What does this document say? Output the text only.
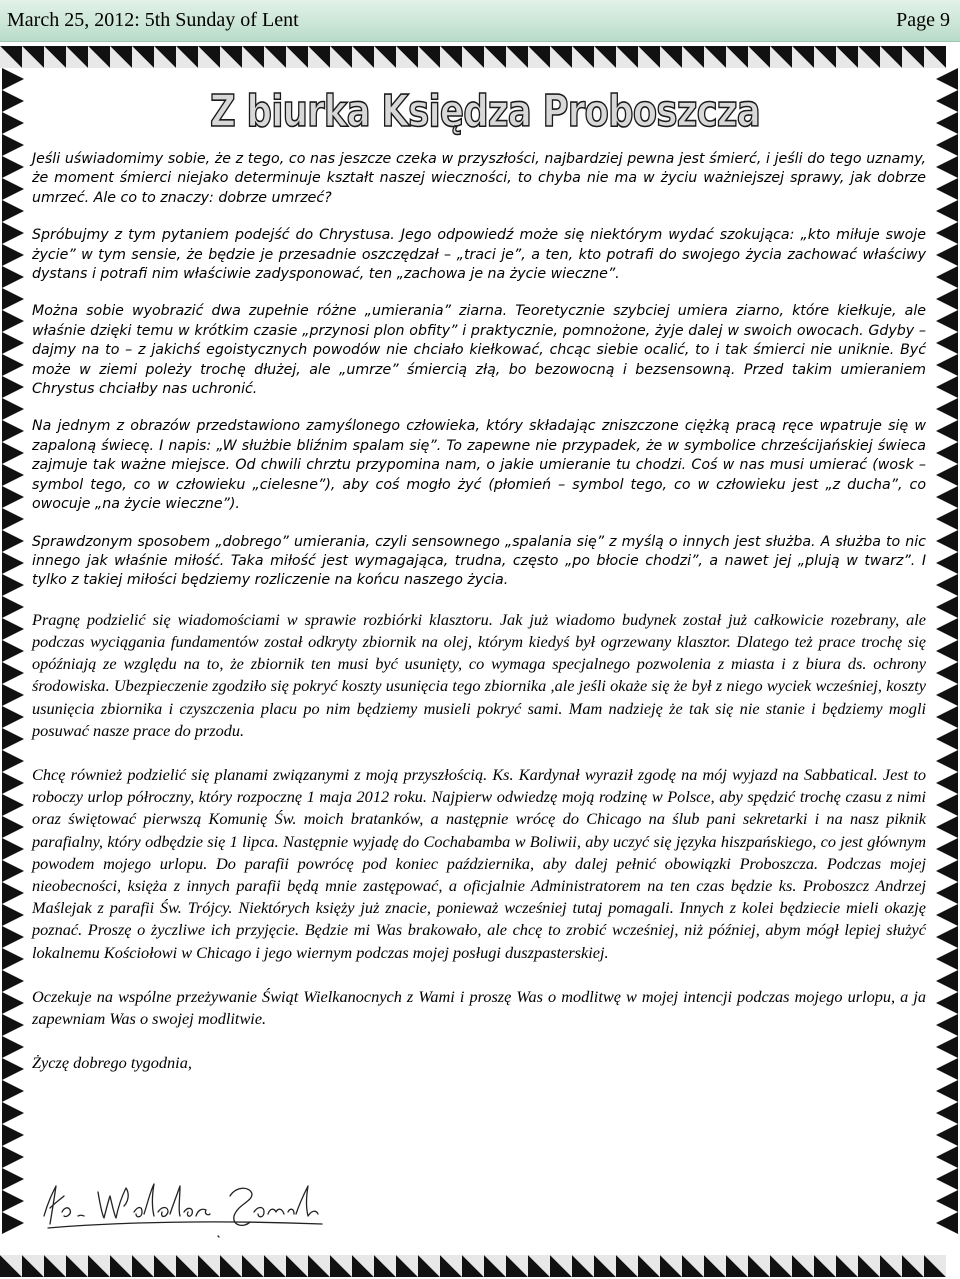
March 25, 2012: 5th Sunday of Lent	Page 9
Z biurka Księdza Proboszcza

Jeśli uświadomimy sobie, że z tego, co nas jeszcze czeka w przyszłości, najbardziej pewna jest śmierć, i jeśli do tego uznamy, że moment śmierci niejako determinuje kształt naszej wieczności, to chyba nie ma w życiu ważniejszej sprawy, jak dobrze umrzeć. Ale co to znaczy: dobrze umrzeć?

Spróbujmy z tym pytaniem podejść do Chrystusa. Jego odpowiedź może się niektórym wydać szokująca: „kto miłuje swoje życie” w tym sensie, że będzie je przesadnie oszczędzał – „traci je”, a ten, kto potrafi do swojego życia zachować właściwy dystans i potrafi nim właściwie zadysponować, ten „zachowa je na życie wieczne”.

Można sobie wyobrazić dwa zupełnie różne „umierania” ziarna. Teoretycznie szybciej umiera ziarno, które kiełkuje, ale właśnie dzięki temu w krótkim czasie „przynosi plon obfity” i praktycznie, pomnożone, żyje dalej w swoich owocach. Gdyby – dajmy na to – z jakichś egoistycznych powodów nie chciało kiełkować, chcąc siebie ocalić, to i tak śmierci nie uniknie. Być może w ziemi poleży trochę dłużej, ale „umrze” śmiercią złą, bo bezowocną i bezsensowną. Przed takim umieraniem Chrystus chciałby nas uchronić.

Na jednym z obrazów przedstawiono zamyślonego człowieka, który składając zniszczone ciężką pracą ręce wpatruje się w zapaloną świecę. I napis: „W służbie bliźnim spalam się”. To zapewne nie przypadek, że w symbolice chrześcijańskiej świeca zajmuje tak ważne miejsce. Od chwili chrztu przypomina nam, o jakie umieranie tu chodzi. Coś w nas musi umierać (wosk – symbol tego, co w człowieku „cielesne”), aby coś mogło żyć (płomień – symbol tego, co w człowieku jest „z ducha”, co owocuje „na życie wieczne”).

Sprawdzonym sposobem „dobrego” umierania, czyli sensownego „spalania się” z myślą o innych jest służba. A służba to nic innego jak właśnie miłość. Taka miłość jest wymagająca, trudna, często „po błocie chodzi”, a nawet jej „plują w twarz”. I tylko z takiej miłości będziemy rozliczenie na końcu naszego życia.

Pragnę podzielić się wiadomościami w sprawie rozbiórki klasztoru. Jak już wiadomo budynek został już całkowicie rozebrany, ale podczas wyciągania fundamentów został odkryty zbiornik na olej, którym kiedyś był ogrzewany klasztor. Dlatego też prace trochę się opóźniają ze względu na to, że zbiornik ten musi być usunięty, co wymaga specjalnego pozwolenia z miasta i z biura ds. ochrony środowiska. Ubezpieczenie zgodziło się pokryć koszty usunięcia tego zbiornika ,ale jeśli okaże się że był z niego wyciek wcześniej, koszty usunięcia zbiornika i czyszczenia placu po nim będziemy musieli pokryć sami. Mam nadzieję że tak się nie stanie i będziemy mogli posuwać nasze prace do przodu.

Chcę również podzielić się planami związanymi z moją przyszłością. Ks. Kardynał wyraził zgodę na mój wyjazd na Sabbatical. Jest to roboczy urlop półroczny, który rozpocznę 1 maja 2012 roku. Najpierw odwiedzę moją rodzinę w Polsce, aby spędzić trochę czasu z nimi oraz świętować pierwszą Komunię Św. moich bratanków, a następnie wrócę do Chicago na ślub pani sekretarki i na nasz piknik parafialny, który odbędzie się 1 lipca. Następnie wyjadę do Cochabamba w Boliwii, aby uczyć się języka hiszpańskiego, co jest głównym powodem mojego urlopu. Do parafii powrócę pod koniec października, aby dalej pełnić obowiązki Proboszcza. Podczas mojej nieobecności, księża z innych parafii będą mnie zastępować, a oficjalnie Administratorem na ten czas będzie ks. Proboszcz Andrzej Maślejak z parafii Św. Trójcy. Niektórych księży już znacie, ponieważ wcześniej tutaj pomagali. Innych z kolei będziecie mieli okazję poznać. Proszę o życzliwe ich przyjęcie. Będzie mi Was brakowało, ale chcę to zrobić wcześniej, niż później, abym mógł lepiej służyć lokalnemu Kościołowi w Chicago i jego wiernym podczas mojej posługi duszpasterskiej.

Oczekuje na wspólne przeżywanie Świąt Wielkanocnych z Wami i proszę Was o modlitwę w mojej intencji podczas mojego urlopu, a ja zapewniam Was o swojej modlitwie.

Życzę dobrego tygodnia,
